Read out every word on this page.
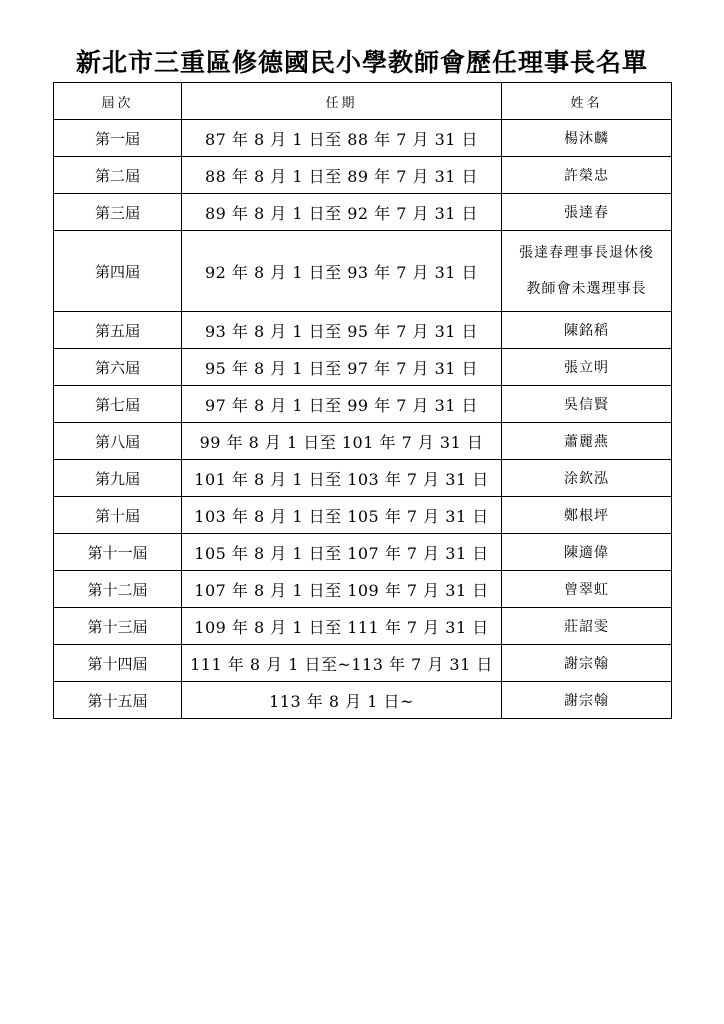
新北市三重區修德國民小學教師會歷任理事長名單
屆次	任期	姓名
第一屆	87 年 8 月 1 日至 88 年 7 月 31 日	楊沐麟
第二屆	88 年 8 月 1 日至 89 年 7 月 31 日	許榮忠
第三屆	89 年 8 月 1 日至 92 年 7 月 31 日	張達春
第四屆	92 年 8 月 1 日至 93 年 7 月 31 日	張達春理事長退休後
教師會未選理事長

第五屆	93 年 8 月 1 日至 95 年 7 月 31 日	陳銘稻
第六屆	95 年 8 月 1 日至 97 年 7 月 31 日	張立明
第七屆	97 年 8 月 1 日至 99 年 7 月 31 日	吳信賢
第八屆	99 年 8 月 1 日至 101 年 7 月 31 日	蕭麗燕
第九屆	101 年 8 月 1 日至 103 年 7 月 31 日	涂欽泓
第十屆	103 年 8 月 1 日至 105 年 7 月 31 日	鄭根坪
第十一屆	105 年 8 月 1 日至 107 年 7 月 31 日	陳適偉
第十二屆	107 年 8 月 1 日至 109 年 7 月 31 日	曾翠虹
第十三屆	109 年 8 月 1 日至 111 年 7 月 31 日	莊詔雯
第十四屆	111 年 8 月 1 日至~113 年 7 月 31 日	謝宗翰
第十五屆	113 年 8 月 1 日~	謝宗翰
